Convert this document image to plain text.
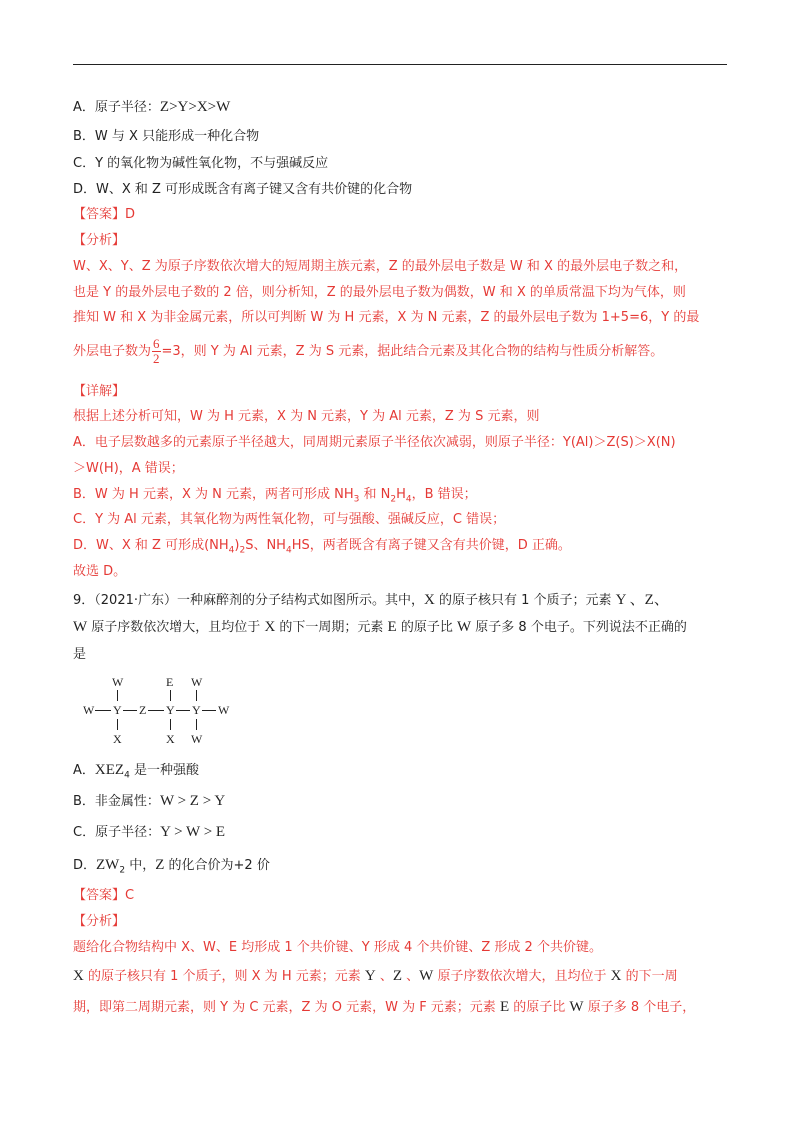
A．原子半径：Z>Y>X>W
B．W 与 X 只能形成一种化合物
C．Y 的氧化物为碱性氧化物，不与强碱反应
D．W、X 和 Z 可形成既含有离子键又含有共价键的化合物
【答案】D
【分析】
W、X、Y、Z 为原子序数依次增大的短周期主族元素，Z 的最外层电子数是 W 和 X 的最外层电子数之和，
也是 Y 的最外层电子数的 2 倍，则分析知，Z 的最外层电子数为偶数，W 和 X 的单质常温下均为气体，则
推知 W 和 X 为非金属元素，所以可判断 W 为 H 元素，X 为 N 元素，Z 的最外层电子数为 1+5=6，Y 的最
外层电子数为 $\frac{6}{2} =3$，则 Y 为 Al 元素，Z 为 S 元素，据此结合元素及其化合物的结构与性质分析解答。
【详解】
根据上述分析可知，W 为 H 元素，X 为 N 元素，Y 为 Al 元素，Z 为 S 元素，则
A．电子层数越多的元素原子半径越大，同周期元素原子半径依次减弱，则原子半径：Y(Al)＞Z(S)＞X(N)
＞W(H)，A 错误；
B．W 为 H 元素，X 为 N 元素，两者可形成 $NH_3$ 和 $N_2H_4$，B 错误；
C．Y 为 Al 元素，其氧化物为两性氧化物，可与强酸、强碱反应，C 错误；
D．W、X 和 Z 可形成$(NH_4)_2S$、$NH_4HS$，两者既含有离子键又含有共价键，D 正确。
故选 D。
9．（2021·广东）一种麻醉剂的分子结构式如图所示。其中，X 的原子核只有 1 个质子；元素 Y 、Z、
W 原子序数依次增大，且均位于 X 的下一周期；元素 E 的原子比 W 原子多 8 个电子。下列说法不正确的
是
W	E W
W Y Z Y Y W
X	X W
A．$XEZ_4$ 是一种强酸
B．非金属性：W > Z > Y
C．原子半径：Y > W > E
D．$ZW_2$ 中，Z 的化合价为+2 价
【答案】C
【分析】
题给化合物结构中 X、W、E 均形成 1 个共价键、Y 形成 4 个共价键、Z 形成 2 个共价键。
X 的原子核只有 1 个质子，则 X 为 H 元素；元素 Y 、Z 、W 原子序数依次增大，且均位于 X 的下一周
期，即第二周期元素，则 Y 为 C 元素，Z 为 O 元素，W 为 F 元素；元素 E 的原子比 W 原子多 8 个电子，
